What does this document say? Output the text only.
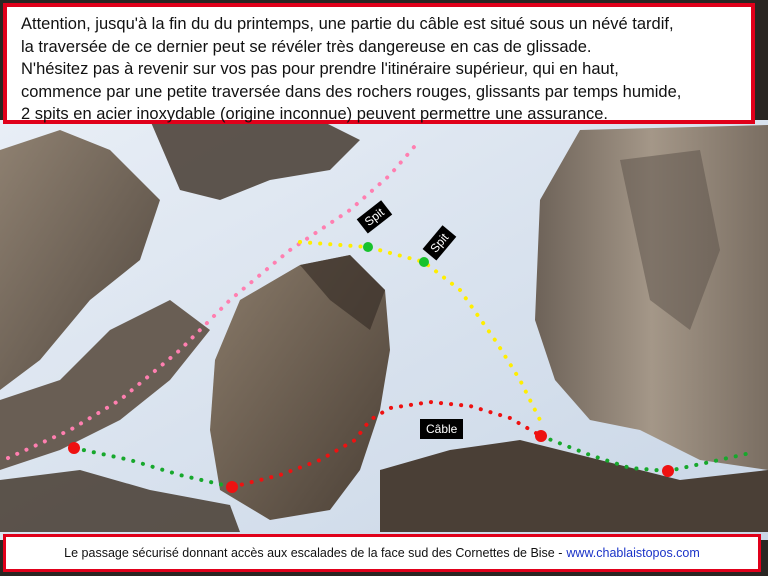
Attention, jusqu'à la fin du du printemps, une partie du câble est situé sous un névé tardif,
la traversée de ce dernier peut se révéler très dangereuse en cas de glissade.
N'hésitez pas à revenir sur vos pas pour prendre l'itinéraire supérieur, qui en haut,
commence par une petite traversée dans des rochers rouges, glissants par temps humide,
2 spits en acier inoxydable (origine inconnue) peuvent permettre une assurance.
Spit
Spit
Câble
Le passage sécurisé donnant accès aux escalades de la face sud des Cornettes de Bise - www.chablaistopos.com
